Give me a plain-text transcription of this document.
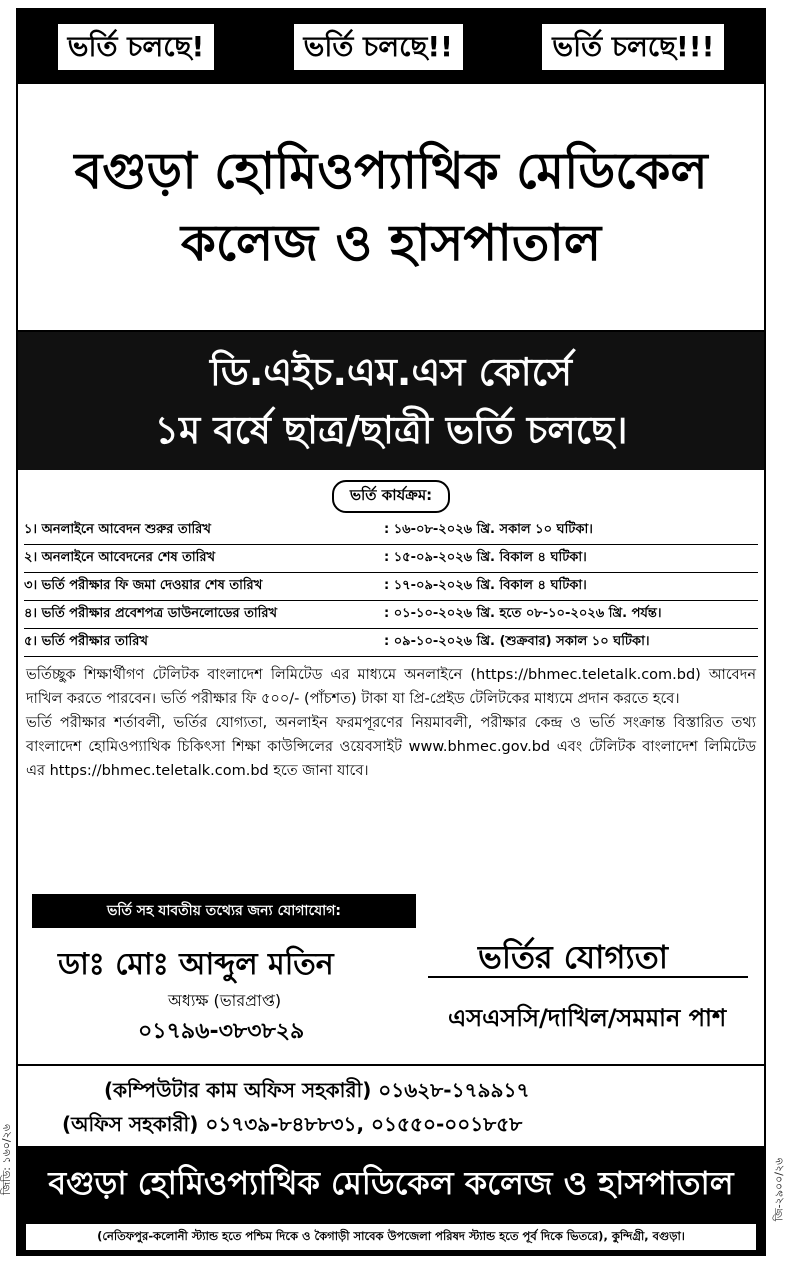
জিডি: ১৬০/২৬	জি-২৯০০/২৬
ভর্তি চলছে!	ভর্তি চলছে!!	ভর্তি চলছে!!!
বগুড়া হোমিওপ্যাথিক মেডিকেল
কলেজ ও হাসপাতাল
ডি.এইচ.এম.এস কোর্সে
১ম বর্ষে ছাত্র/ছাত্রী ভর্তি চলছে।
ভর্তি কার্যক্রম:
১। অনলাইনে আবেদন শুরুর তারিখ	: ১৬-০৮-২০২৬ খ্রি. সকাল ১০ ঘটিকা।
২। অনলাইনে আবেদনের শেষ তারিখ	: ১৫-০৯-২০২৬ খ্রি. বিকাল ৪ ঘটিকা।
৩। ভর্তি পরীক্ষার ফি জমা দেওয়ার শেষ তারিখ	: ১৭-০৯-২০২৬ খ্রি. বিকাল ৪ ঘটিকা।
৪। ভর্তি পরীক্ষার প্রবেশপত্র ডাউনলোডের তারিখ	: ০১-১০-২০২৬ খ্রি. হতে ০৮-১০-২০২৬ খ্রি. পর্যন্ত।
৫। ভর্তি পরীক্ষার তারিখ	: ০৯-১০-২০২৬ খ্রি. (শুক্রবার) সকাল ১০ ঘটিকা।
ভর্তিচ্ছুক শিক্ষার্থীগণ টেলিটক বাংলাদেশ লিমিটেড এর মাধ্যমে অনলাইনে (https://bhmec.teletalk.com.bd) আবেদন দাখিল করতে পারবেন। ভর্তি পরীক্ষার ফি ৫০০/- (পাঁচশত) টাকা যা প্রি-প্রেইড টেলিটকের মাধ্যমে প্রদান করতে হবে।
ভর্তি পরীক্ষার শর্তাবলী, ভর্তির যোগ্যতা, অনলাইন ফরমপূরণের নিয়মাবলী, পরীক্ষার কেন্দ্র ও ভর্তি সংক্রান্ত বিস্তারিত তথ্য বাংলাদেশ হোমিওপ্যাথিক চিকিৎসা শিক্ষা কাউন্সিলের ওয়েবসাইট www.bhmec.gov.bd এবং টেলিটক বাংলাদেশ লিমিটেড এর https://bhmec.teletalk.com.bd হতে জানা যাবে।
ভর্তি সহ যাবতীয় তথ্যের জন্য যোগাযোগ:
ডাঃ মোঃ আব্দুল মতিন
অধ্যক্ষ (ভারপ্রাপ্ত)
০১৭৯৬-৩৮৩৮২৯
ভর্তির যোগ্যতা
এসএসসি/দাখিল/সমমান পাশ
(কম্পিউটার কাম অফিস সহকারী) ০১৬২৮-১৭৯৯১৭
(অফিস সহকারী) ০১৭৩৯-৮৪৮৮৩১, ০১৫৫০-০০১৮৫৮
বগুড়া হোমিওপ্যাথিক মেডিকেল কলেজ ও হাসপাতাল
(নেতিফপুর-কলোনী স্ট্যান্ড হতে পশ্চিম দিকে ও কৈগাড়ী সাবেক উপজেলা পরিষদ স্ট্যান্ড হতে পূর্ব দিকে ভিতরে), কুন্দিগ্রী, বগুড়া।
